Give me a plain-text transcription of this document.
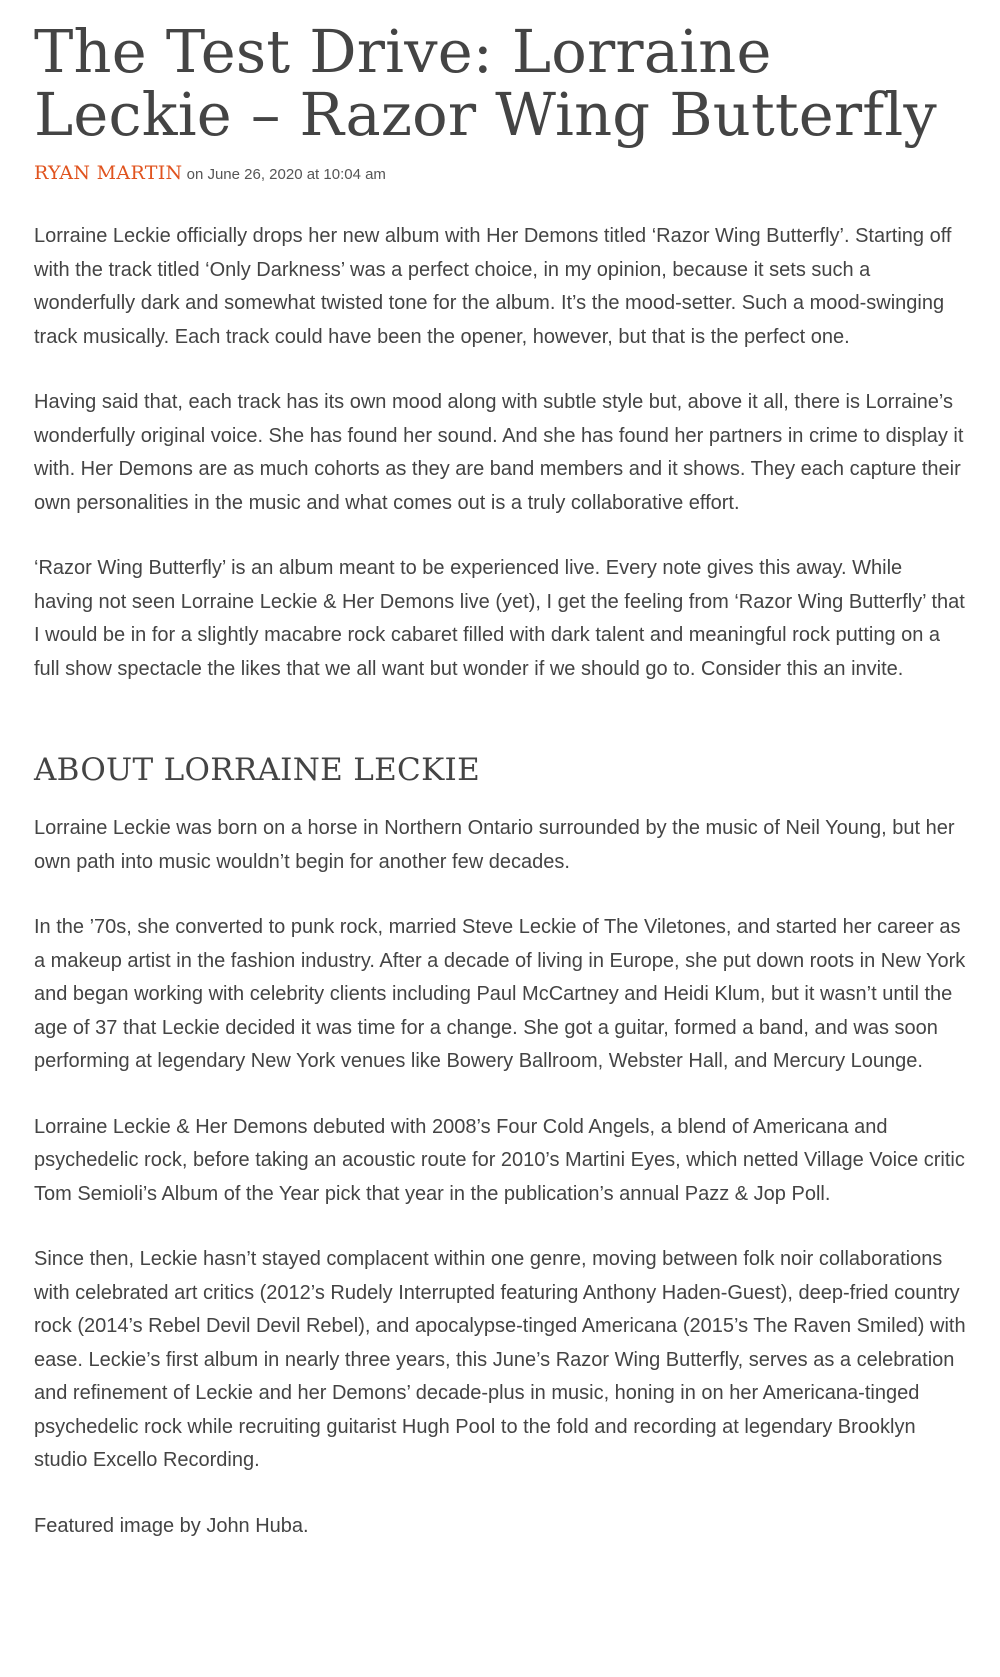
The Test Drive: Lorraine Leckie – Razor Wing Butterfly
RYAN MARTIN on June 26, 2020 at 10:04 am

Lorraine Leckie officially drops her new album with Her Demons titled ‘Razor Wing Butterfly’. Starting off with the track titled ‘Only Darkness’ was a perfect choice, in my opinion, because it sets such a wonderfully dark and somewhat twisted tone for the album. It’s the mood-setter. Such a mood-swinging track musically. Each track could have been the opener, however, but that is the perfect one.

Having said that, each track has its own mood along with subtle style but, above it all, there is Lorraine’s wonderfully original voice. She has found her sound. And she has found her partners in crime to display it with. Her Demons are as much cohorts as they are band members and it shows. They each capture their own personalities in the music and what comes out is a truly collaborative effort.

‘Razor Wing Butterfly’ is an album meant to be experienced live. Every note gives this away. While having not seen Lorraine Leckie & Her Demons live (yet), I get the feeling from ‘Razor Wing Butterfly’ that I would be in for a slightly macabre rock cabaret filled with dark talent and meaningful rock putting on a full show spectacle the likes that we all want but wonder if we should go to. Consider this an invite.

ABOUT LORRAINE LECKIE

Lorraine Leckie was born on a horse in Northern Ontario surrounded by the music of Neil Young, but her own path into music wouldn’t begin for another few decades.

In the ’70s, she converted to punk rock, married Steve Leckie of The Viletones, and started her career as a makeup artist in the fashion industry. After a decade of living in Europe, she put down roots in New York and began working with celebrity clients including Paul McCartney and Heidi Klum, but it wasn’t until the age of 37 that Leckie decided it was time for a change. She got a guitar, formed a band, and was soon performing at legendary New York venues like Bowery Ballroom, Webster Hall, and Mercury Lounge.

Lorraine Leckie & Her Demons debuted with 2008’s Four Cold Angels, a blend of Americana and psychedelic rock, before taking an acoustic route for 2010’s Martini Eyes, which netted Village Voice critic Tom Semioli’s Album of the Year pick that year in the publication’s annual Pazz & Jop Poll.

Since then, Leckie hasn’t stayed complacent within one genre, moving between folk noir collaborations with celebrated art critics (2012’s Rudely Interrupted featuring Anthony Haden-Guest), deep-fried country rock (2014’s Rebel Devil Devil Rebel), and apocalypse-tinged Americana (2015’s The Raven Smiled) with ease. Leckie’s first album in nearly three years, this June’s Razor Wing Butterfly, serves as a celebration and refinement of Leckie and her Demons’ decade-plus in music, honing in on her Americana-tinged psychedelic rock while recruiting guitarist Hugh Pool to the fold and recording at legendary Brooklyn studio Excello Recording.

Featured image by John Huba.
